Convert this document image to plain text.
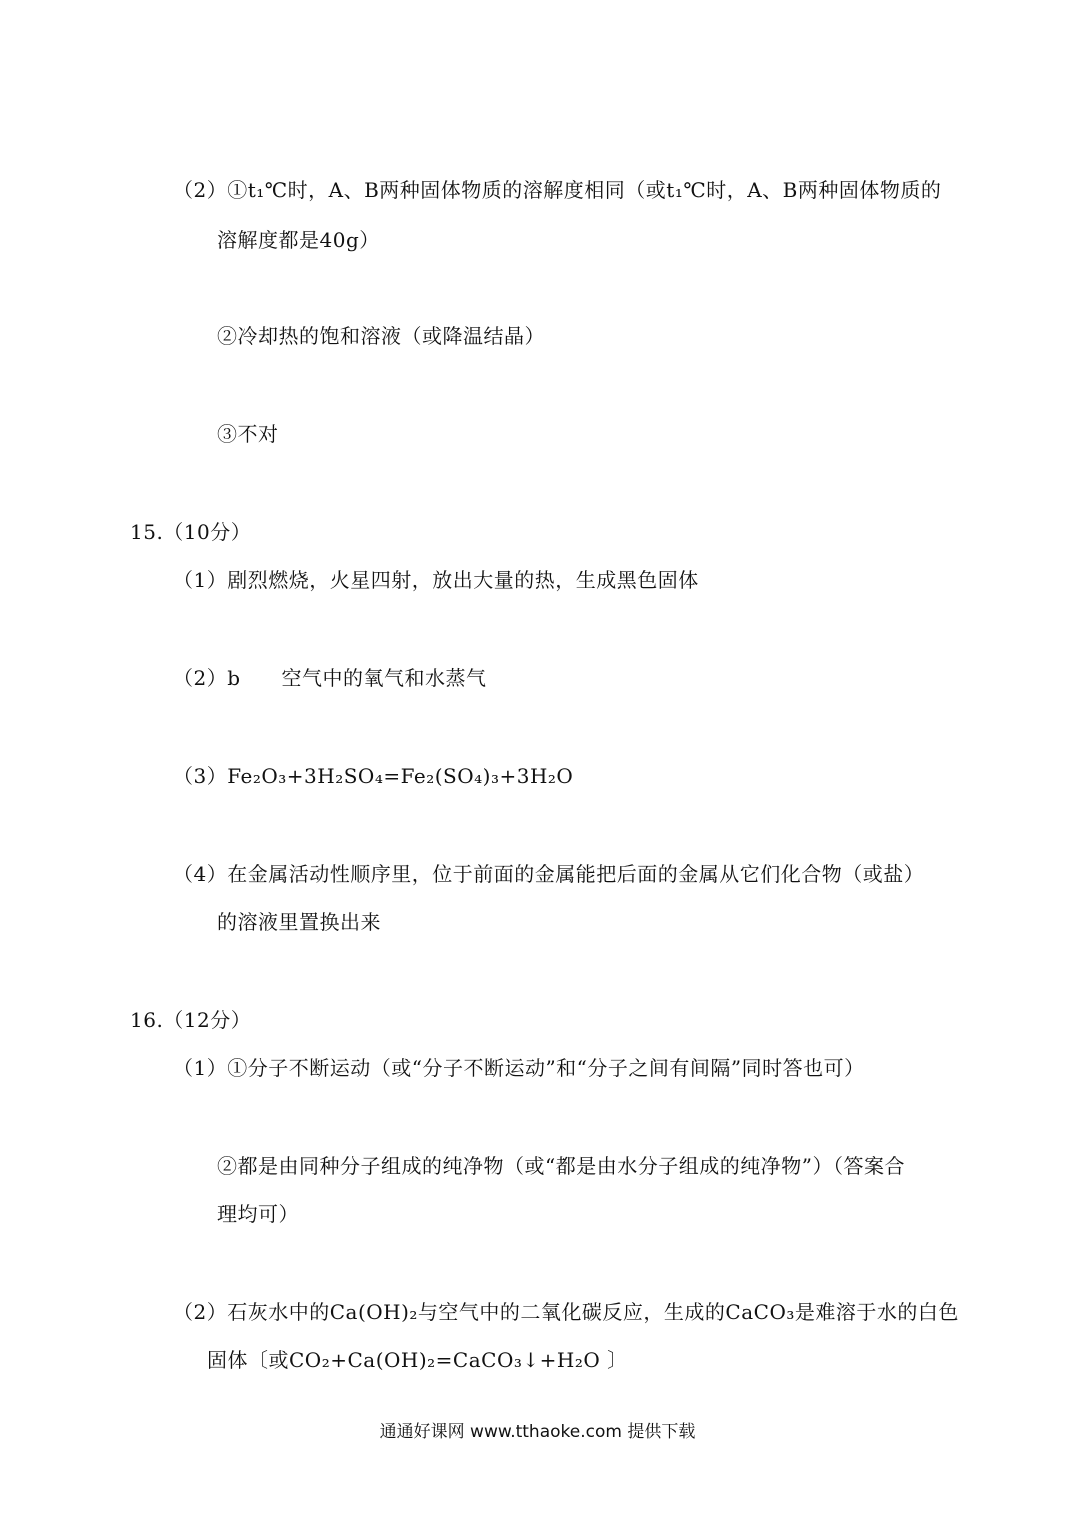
（2）①t₁℃时，A、B两种固体物质的溶解度相同（或t₁℃时，A、B两种固体物质的
溶解度都是40g）
②冷却热的饱和溶液（或降温结晶）
③不对
15.（10分）
（1）剧烈燃烧，火星四射，放出大量的热，生成黑色固体
（2）b　　空气中的氧气和水蒸气
（3）Fe₂O₃+3H₂SO₄=Fe₂(SO₄)₃+3H₂O
（4）在金属活动性顺序里，位于前面的金属能把后面的金属从它们化合物（或盐）
的溶液里置换出来
16.（12分）
（1）①分子不断运动（或“分子不断运动”和“分子之间有间隔”同时答也可）
②都是由同种分子组成的纯净物（或“都是由水分子组成的纯净物”）（答案合
理均可）
（2）石灰水中的Ca(OH)₂与空气中的二氧化碳反应，生成的CaCO₃是难溶于水的白色
固体〔或CO₂+Ca(OH)₂=CaCO₃↓+H₂O 〕
通通好课网 www.tthaoke.com 提供下载
